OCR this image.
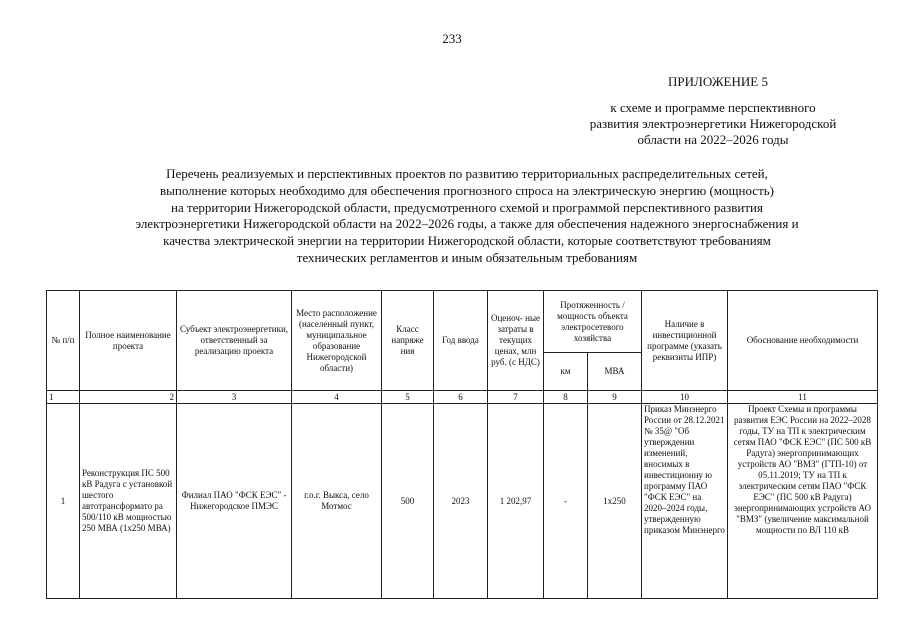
233
ПРИЛОЖЕНИЕ 5
к схеме и программе перспективного
развития электроэнергетики Нижегородской
области на 2022–2026 годы
Перечень реализуемых и перспективных проектов по развитию территориальных распределительных сетей,
выполнение которых необходимо для обеспечения прогнозного спроса на электрическую энергию (мощность)
на территории Нижегородской области, предусмотренного схемой и программой перспективного развития
электроэнергетики Нижегородской области на 2022–2026 годы, а также для обеспечения надежного энергоснабжения и
качества электрической энергии на территории Нижегородской области, которые соответствуют требованиям
технических регламентов и иным обязательным требованиям
№ п/п	Полное наименование проекта	Субъект электроэнергетики, ответственный за реализацию проекта	Место расположение (населенный пункт, муниципальное образование Нижегородской области)	Класс напряже ния	Год ввода	Оценоч- ные затраты в текущих ценах, млн руб. (с НДС)	Протяженность / мощность объекта электросетевого хозяйства		Наличие в инвестиционной программе (указать реквизиты ИПР)	Обоснование необходимости
							км	МВА		
1	2	3	4	5	6	7	8	9	10	11
1	Реконструкция ПС 500 кВ Радуга с установкой шестого автотрансформато ра 500/110 кВ мощностью 250 МВА (1х250 МВА)	Филиал ПАО "ФСК ЕЭС" - Нижегородское ПМЭС	г.о.г. Выкса, село Мотмос	500	2023	1 202,97	-	1х250	Приказ Минэнерго России от 28.12.2021 № 35@ "Об утверждении изменений, вносимых в инвестиционну ю программу ПАО "ФСК ЕЭС" на 2020–2024 годы, утвержденную приказом Минэнерго	Проект Схемы и программы развития ЕЭС России на 2022–2028 годы, ТУ на ТП к электрическим сетям ПАО "ФСК ЕЭС" (ПС 500 кВ Радуга) энергопринимающих устройств АО "ВМЗ" (ГТП-10) от 05.11.2019; ТУ на ТП к электрическим сетям ПАО "ФСК ЕЭС" (ПС 500 кВ Радуга) энергопринимающих устройств АО "ВМЗ" (увеличение максимальной мощности по ВЛ 110 кВ
